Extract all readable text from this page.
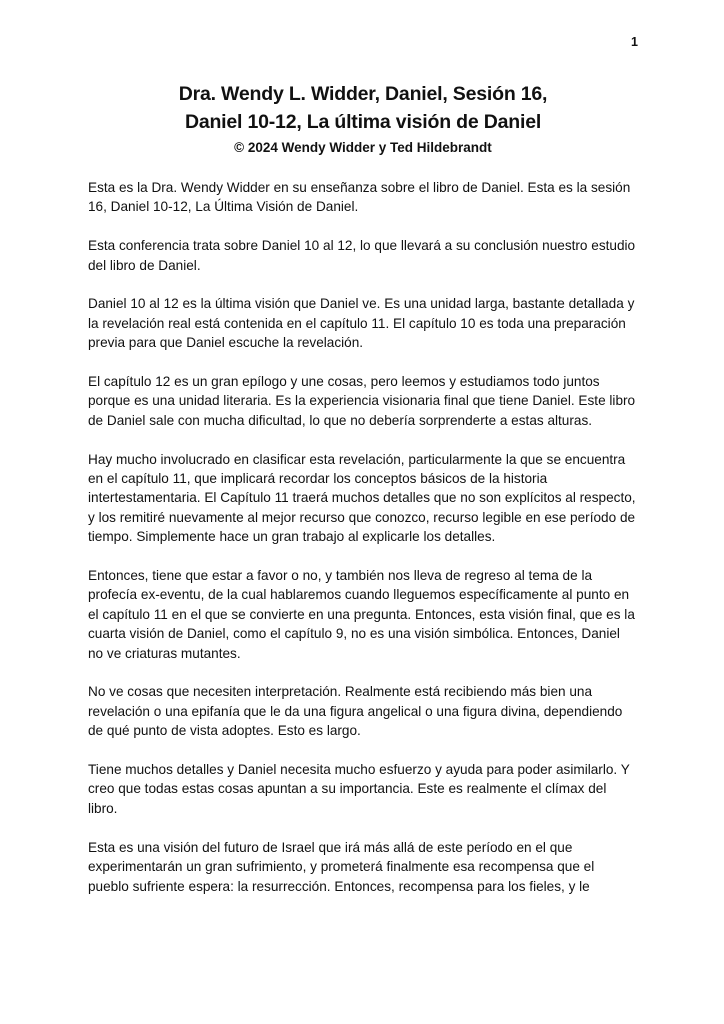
1
Dra. Wendy L. Widder, Daniel, Sesión 16,
Daniel 10-12, La última visión de Daniel
© 2024 Wendy Widder y Ted Hildebrandt

Esta es la Dra. Wendy Widder en su enseñanza sobre el libro de Daniel. Esta es la sesión 16, Daniel 10-12, La Última Visión de Daniel.

Esta conferencia trata sobre Daniel 10 al 12, lo que llevará a su conclusión nuestro estudio del libro de Daniel.

Daniel 10 al 12 es la última visión que Daniel ve. Es una unidad larga, bastante detallada y la revelación real está contenida en el capítulo 11. El capítulo 10 es toda una preparación previa para que Daniel escuche la revelación.

El capítulo 12 es un gran epílogo y une cosas, pero leemos y estudiamos todo juntos porque es una unidad literaria. Es la experiencia visionaria final que tiene Daniel. Este libro de Daniel sale con mucha dificultad, lo que no debería sorprenderte a estas alturas.

Hay mucho involucrado en clasificar esta revelación, particularmente la que se encuentra en el capítulo 11, que implicará recordar los conceptos básicos de la historia intertestamentaria. El Capítulo 11 traerá muchos detalles que no son explícitos al respecto, y los remitiré nuevamente al mejor recurso que conozco, recurso legible en ese período de tiempo. Simplemente hace un gran trabajo al explicarle los detalles.

Entonces, tiene que estar a favor o no, y también nos lleva de regreso al tema de la profecía ex-eventu, de la cual hablaremos cuando lleguemos específicamente al punto en el capítulo 11 en el que se convierte en una pregunta. Entonces, esta visión final, que es la cuarta visión de Daniel, como el capítulo 9, no es una visión simbólica. Entonces, Daniel no ve criaturas mutantes.

No ve cosas que necesiten interpretación. Realmente está recibiendo más bien una revelación o una epifanía que le da una figura angelical o una figura divina, dependiendo de qué punto de vista adoptes. Esto es largo.

Tiene muchos detalles y Daniel necesita mucho esfuerzo y ayuda para poder asimilarlo. Y creo que todas estas cosas apuntan a su importancia. Este es realmente el clímax del libro.

Esta es una visión del futuro de Israel que irá más allá de este período en el que experimentarán un gran sufrimiento, y prometerá finalmente esa recompensa que el pueblo sufriente espera: la resurrección. Entonces, recompensa para los fieles, y le
